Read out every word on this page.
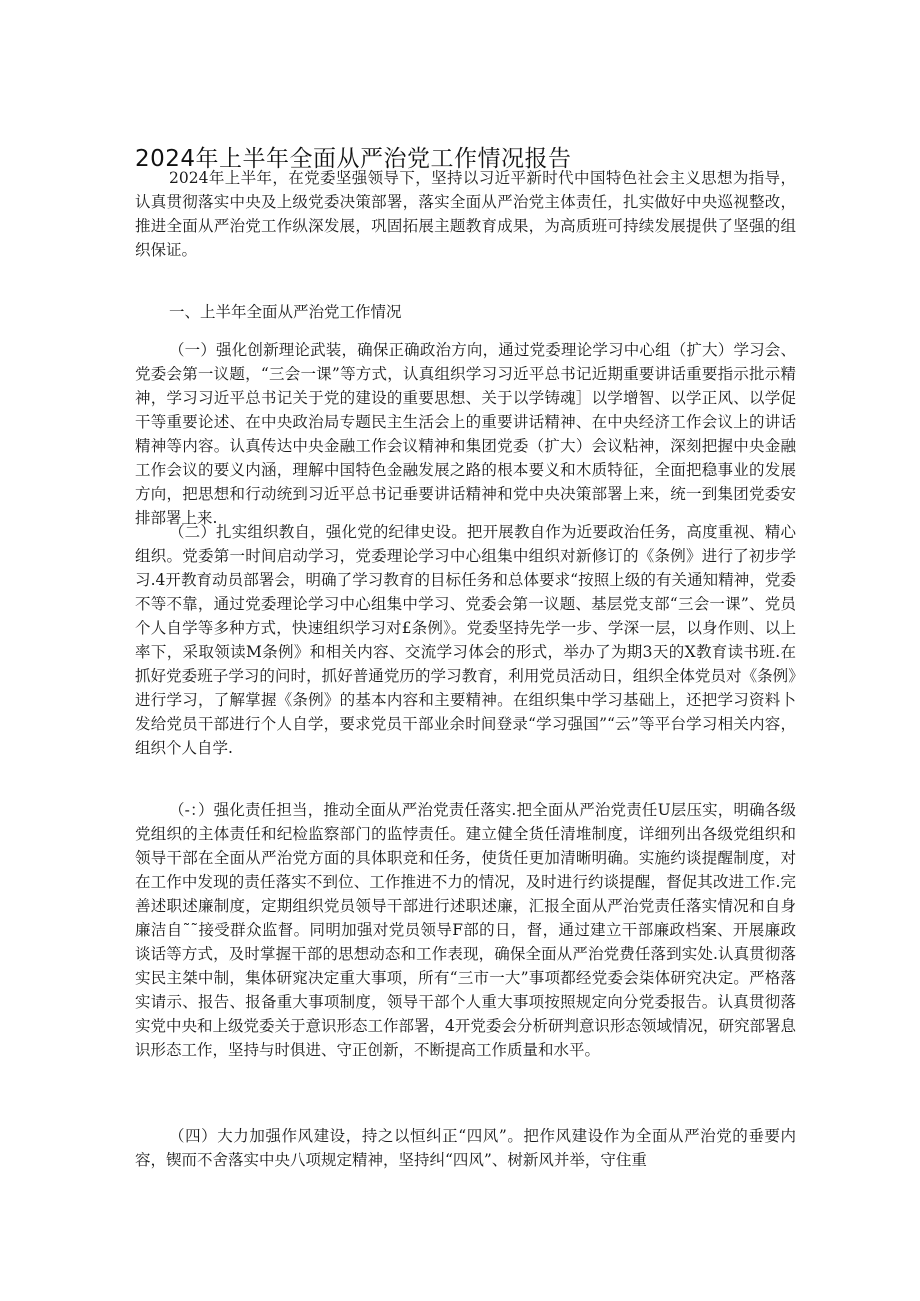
2024年上半年全面从严治党工作情况报告

2024年上半年，在党委坚强领导下，坚持以习近平新时代中国特色社会主义思想为指导，认真贯彻落实中央及上级党委决策部署，落实全面从严治党主体责任，扎实做好中央巡视整改，推进全面从严治党工作纵深发展，巩固拓展主题教育成果，为高质班可持续发展提供了坚强的组织保证。

一、上半年全面从严治党工作情况

（一）强化创新理论武装，确保正确政治方向，通过党委理论学习中心组（扩大）学习会、党委会第一议题，“三会一课”等方式，认真组织学习习近平总书记近期重要讲话重要指示批示精神，学习习近平总书记关于党的建设的重要思想、关于以学铸魂］以学增智、以学正风、以学促干等重要论述、在中央政治局专题民主生活会上的重要讲话精神、在中央经济工作会议上的讲话精神等内容。认真传达中央金融工作会议精神和集团党委（扩大）会议粘神，深刻把握中央金融工作会议的要义内涵，理解中国特色金融发展之路的根本要义和木质特征，全面把稳事业的发展方向，把思想和行动统到习近平总书记垂要讲话精神和党中央决策部署上来，统一到集团党委安排部署上来.

（二）扎实组织教自，强化党的纪律史设。把开展教自作为近要政治任务，高度重视、精心组织。党委第一时间启动学习，党委理论学习中心组集中组织对新修订的《条例》进行了初步学习.4开教育动员部署会，明确了学习教育的目标任务和总体要求“按照上级的有关通知精神，党委不等不靠，通过党委理论学习中心组集中学习、党委会第一议题、基层党支部“三会一课”、党员个人自学等多种方式，快速组织学习对£条例》。党委坚持先学一步、学深一层，以身作则、以上率下，采取领读M条例》和相关内容、交流学习体会的形式，举办了为期3天的X教育读书班.在抓好党委班子学习的问时，抓好普通党历的学习教育，利用党员活动日，组织全体党员对《条例》进行学习，了解掌握《条例》的基本内容和主要精神。在组织集中学习基础上，还把学习资料卜发给党员干部进行个人自学，要求党员干部业余时间登录“学习强国”“云”等平台学习相关内容，组织个人自学.

（-：）强化责任担当，推动全面从严治党责任落实.把全面从严治党责任U层压实，明确各级党组织的主体责任和纪检监察部门的监悖责任。建立健全货任清堆制度，详细列出各级党组织和领导干部在全面从严治党方面的具体职竞和任务，使货任更加清晰明确。实施约谈提醒制度，对在工作中发现的责任落实不到位、工作推进不力的情况，及时进行约谈提醒，督促其改进工作.完善述职述廉制度，定期组织党员领导干部进行述职述廉，汇报全面从严治党责任落实情况和自身廉洁自˜˜接受群众监督。同明加强对党员领导F部的日，督，通过建立干部廉政档案、开展廉政谈话等方式，及时掌握干部的思想动态和工作表现，确保全面从严治党费任落到实处.认真贯彻落实民主桀中制，集体研窕决定重大事项，所有“三市一大”事项都经党委会柒体研究决定。严格落实请示、报告、报备重大事项制度，领导干部个人重大事项按照规定向分党委报告。认真贯彻落实党中央和上级党委关于意识形态工作部署，4开党委会分析研判意识形态领域情况，研究部署息识形态工作，坚持与时俱进、守正创新，不断提高工作质量和水平。

（四）大力加强作风建设，持之以恒纠正“四风”。把作风建设作为全面从严治党的垂要内容，锲而不舍落实中央八项规定精神，坚持纠“四风”、树新风并举，守住重
